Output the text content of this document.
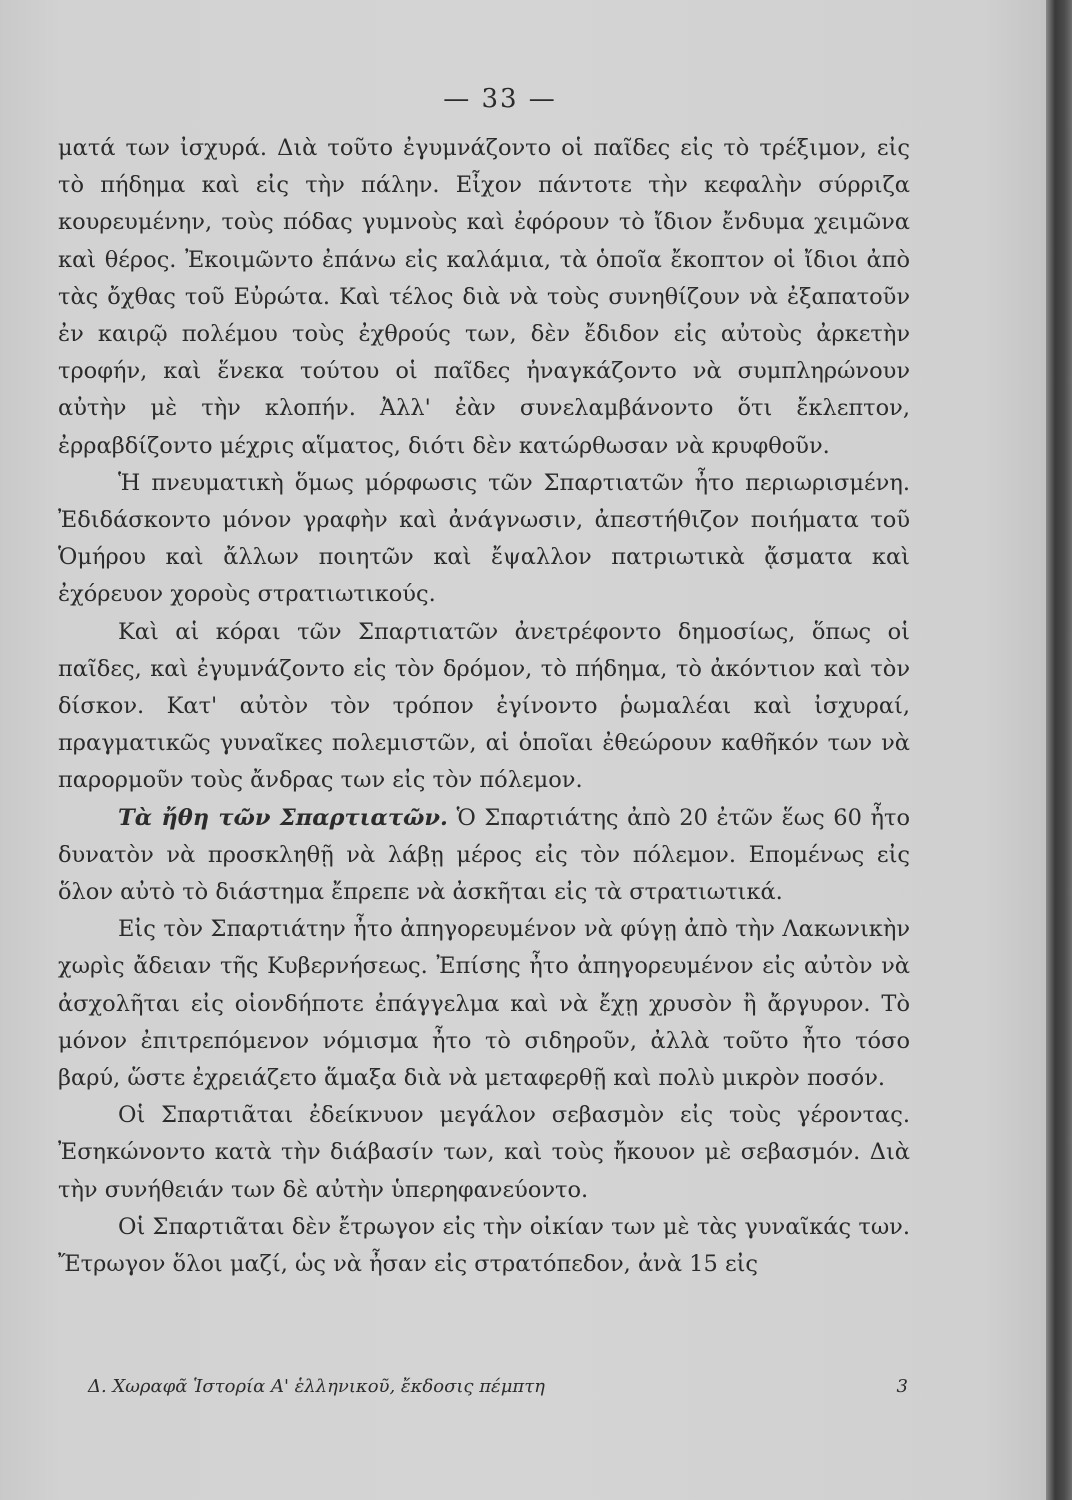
— 33 —

ματά των ἰσχυρά. Διὰ τοῦτο ἐγυμνάζοντο οἱ παῖδες εἰς τὸ τρέξιμον, εἰς τὸ πήδημα καὶ εἰς τὴν πάλην. Εἶχον πάντοτε τὴν κεφαλὴν σύρριζα κουρευμένην, τοὺς πόδας γυμνοὺς καὶ ἐφόρουν τὸ ἴδιον ἔνδυμα χειμῶνα καὶ θέρος. Ἐκοιμῶντο ἐπάνω εἰς καλάμια, τὰ ὁποῖα ἔκοπτον οἱ ἴδιοι ἀπὸ τὰς ὄχθας τοῦ Εὐρώτα. Καὶ τέλος διὰ νὰ τοὺς συνηθίζουν νὰ ἐξαπατοῦν ἐν καιρῷ πολέμου τοὺς ἐχθρούς των, δὲν ἔδιδον εἰς αὐτοὺς ἀρκετὴν τροφήν, καὶ ἕνεκα τούτου οἱ παῖδες ἠναγκάζοντο νὰ συμπληρώνουν αὐτὴν μὲ τὴν κλοπήν. Ἀλλ' ἐὰν συνελαμβάνοντο ὅτι ἔκλεπτον, ἐρραβδίζοντο μέχρις αἵματος, διότι δὲν κατώρθωσαν νὰ κρυφθοῦν.

Ἡ πνευματικὴ ὅμως μόρφωσις τῶν Σπαρτιατῶν ἦτο περιωρισμένη. Ἐδιδάσκοντο μόνον γραφὴν καὶ ἀνάγνωσιν, ἀπεστήθιζον ποιήματα τοῦ Ὁμήρου καὶ ἄλλων ποιητῶν καὶ ἔψαλλον πατριωτικὰ ᾄσματα καὶ ἐχόρευον χοροὺς στρατιωτικούς.

Καὶ αἱ κόραι τῶν Σπαρτιατῶν ἀνετρέφοντο δημοσίως, ὅπως οἱ παῖδες, καὶ ἐγυμνάζοντο εἰς τὸν δρόμον, τὸ πήδημα, τὸ ἀκόντιον καὶ τὸν δίσκον. Κατ' αὐτὸν τὸν τρόπον ἐγίνοντο ῥωμαλέαι καὶ ἰσχυραί, πραγματικῶς γυναῖκες πολεμιστῶν, αἱ ὁποῖαι ἐθεώρουν καθῆκόν των νὰ παρορμοῦν τοὺς ἄνδρας των εἰς τὸν πόλεμον.

Τὰ ἤθη τῶν Σπαρτιατῶν. Ὁ Σπαρτιάτης ἀπὸ 20 ἐτῶν ἕως 60 ἦτο δυνατὸν νὰ προσκληθῇ νὰ λάβῃ μέρος εἰς τὸν πόλεμον. Επομένως εἰς ὅλον αὐτὸ τὸ διάστημα ἔπρεπε νὰ ἀσκῆται εἰς τὰ στρατιωτικά.

Εἰς τὸν Σπαρτιάτην ἦτο ἀπηγορευμένον νὰ φύγῃ ἀπὸ τὴν Λακωνικὴν χωρὶς ἄδειαν τῆς Κυβερνήσεως. Ἐπίσης ἦτο ἀπηγορευμένον εἰς αὐτὸν νὰ ἀσχολῆται εἰς οἱονδήποτε ἐπάγγελμα καὶ νὰ ἔχῃ χρυσὸν ἢ ἄργυρον. Τὸ μόνον ἐπιτρεπόμενον νόμισμα ἦτο τὸ σιδηροῦν, ἀλλὰ τοῦτο ἦτο τόσο βαρύ, ὥστε ἐχρειάζετο ἅμαξα διὰ νὰ μεταφερθῇ καὶ πολὺ μικρὸν ποσόν.

Οἱ Σπαρτιᾶται ἐδείκνυον μεγάλον σεβασμὸν εἰς τοὺς γέροντας. Ἐσηκώνοντο κατὰ τὴν διάβασίν των, καὶ τοὺς ἤκουον μὲ σεβασμόν. Διὰ τὴν συνήθειάν των δὲ αὐτὴν ὑπερηφανεύοντο.

Οἱ Σπαρτιᾶται δὲν ἔτρωγον εἰς τὴν οἰκίαν των μὲ τὰς γυναῖκάς των. Ἔτρωγον ὅλοι μαζί, ὡς νὰ ἦσαν εἰς στρατόπεδον, ἀνὰ 15 εἰς

Δ. Χωραφᾶ Ἱστορία Α' ἑλληνικοῦ, ἔκδοσις πέμπτη	3
